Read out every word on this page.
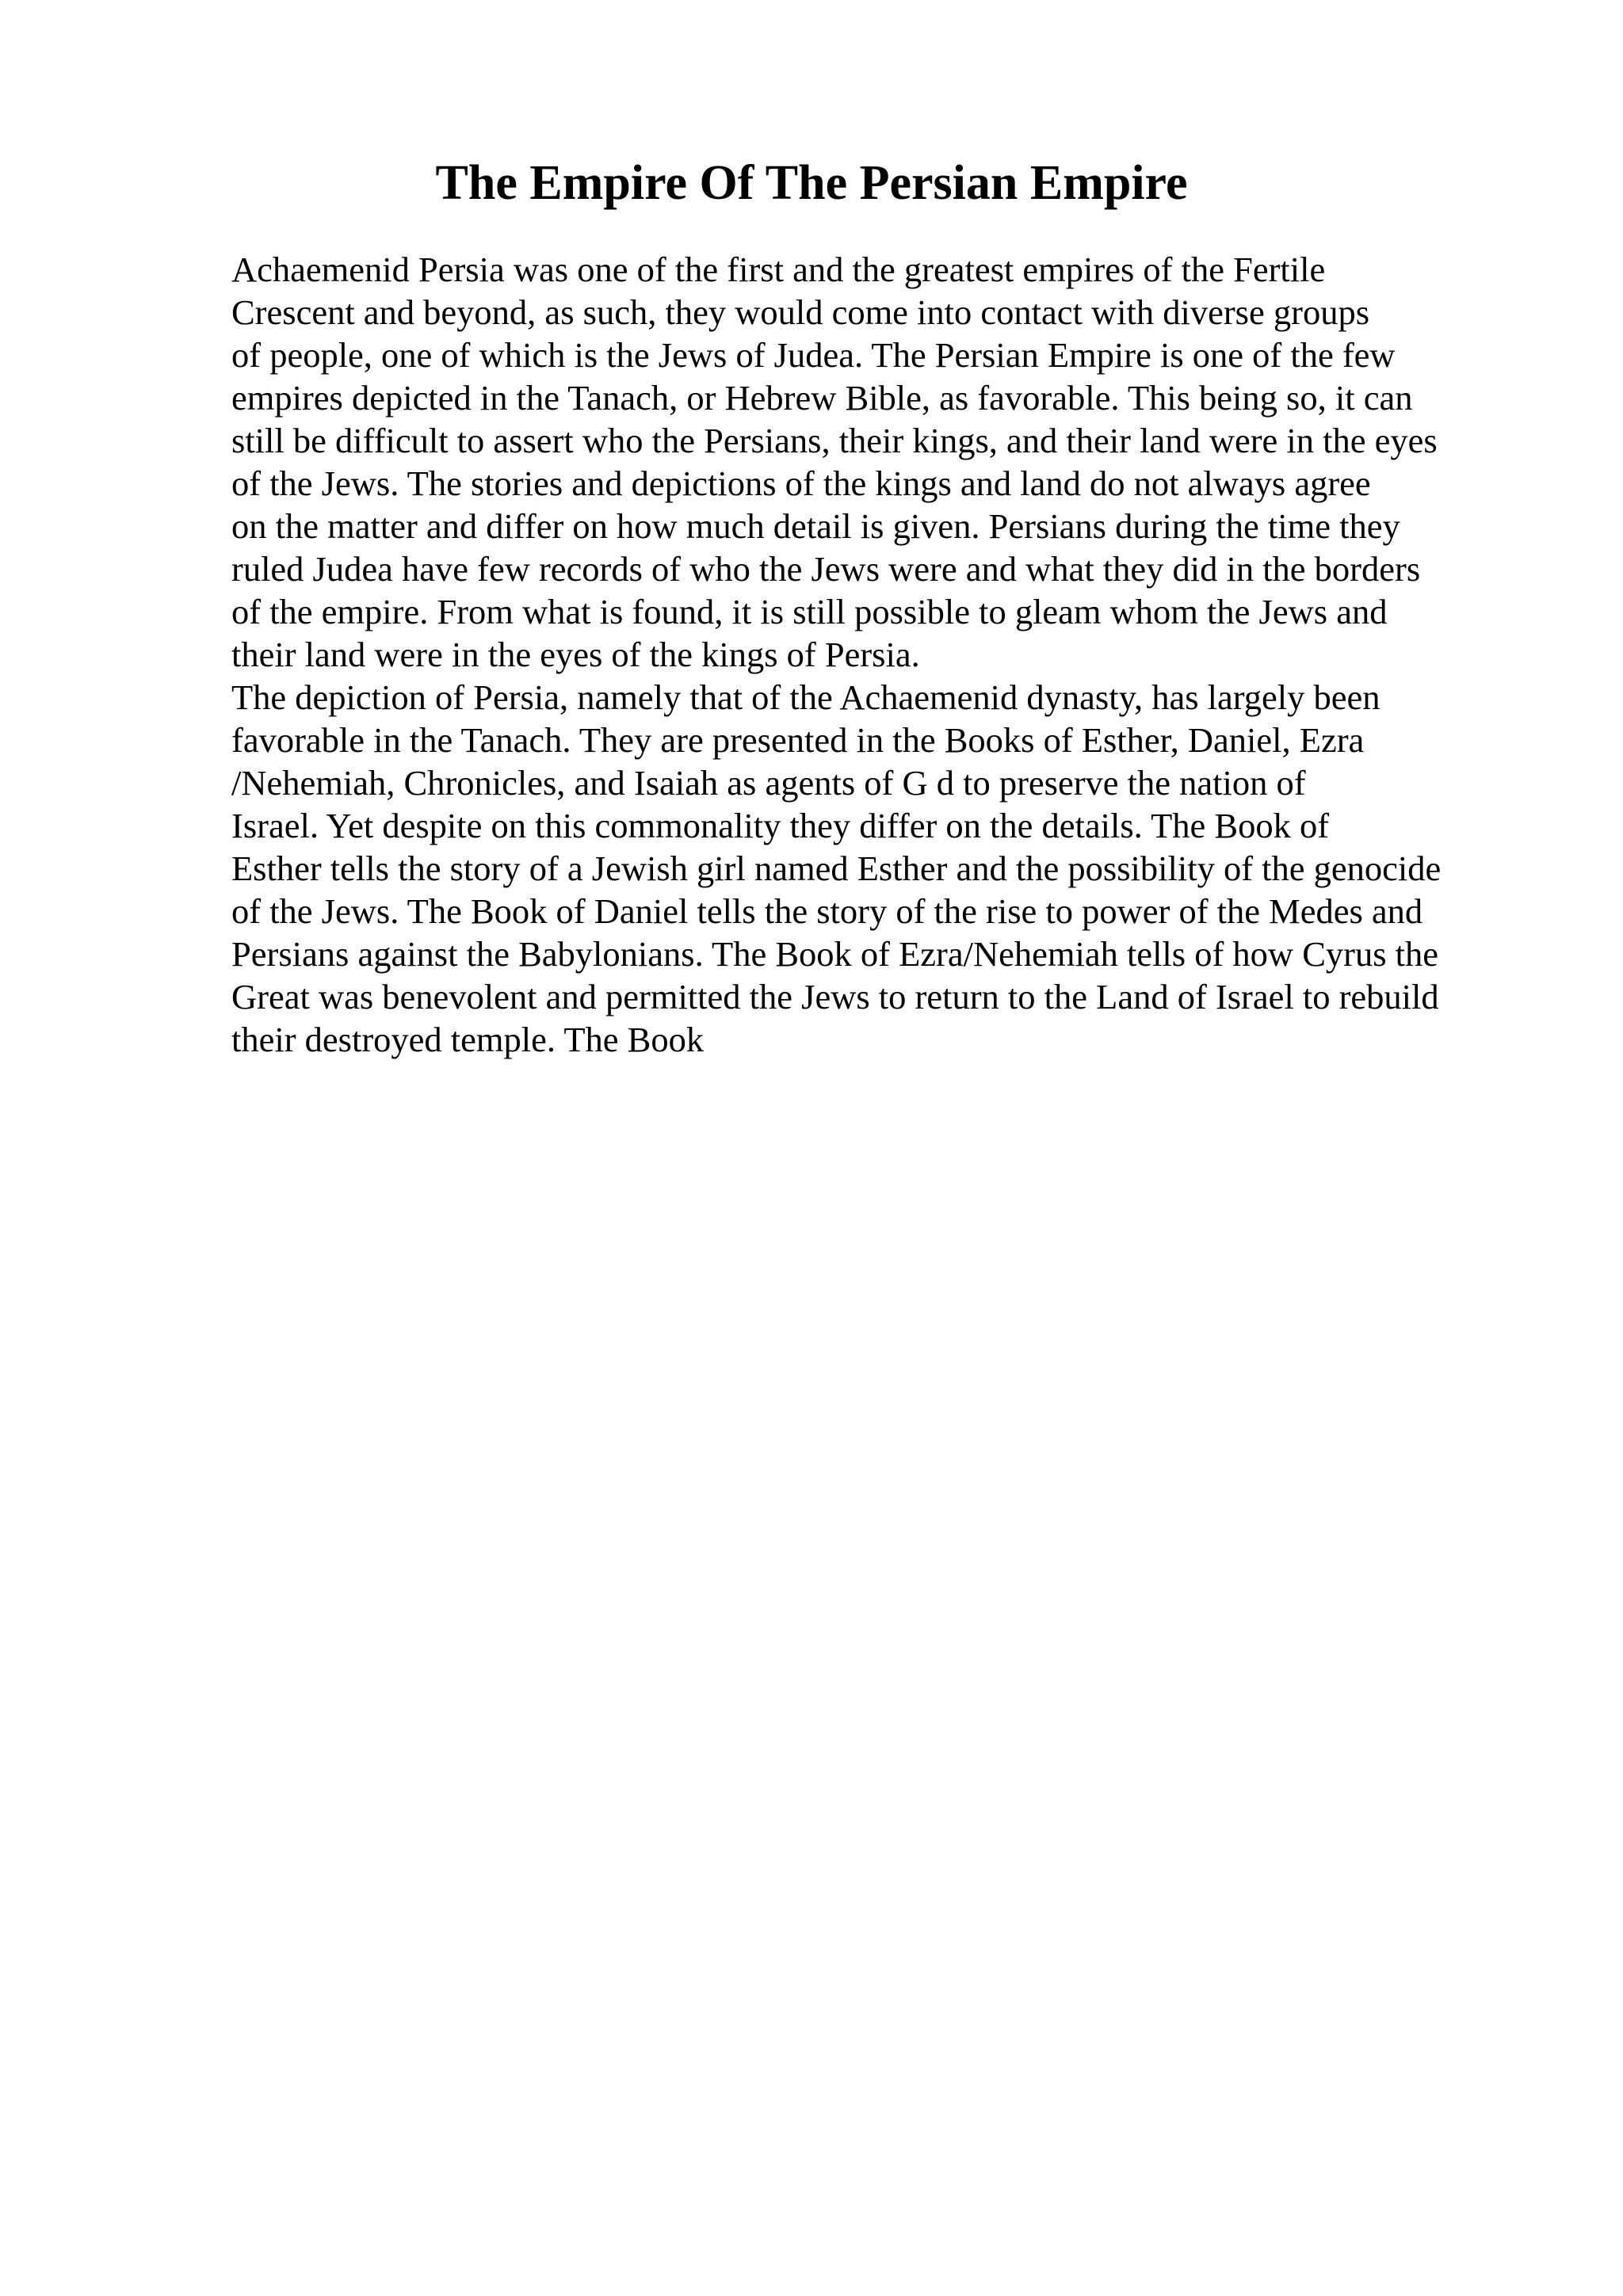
The Empire Of The Persian Empire
Achaemenid Persia was one of the first and the greatest empires of the Fertile
Crescent and beyond, as such, they would come into contact with diverse groups
of people, one of which is the Jews of Judea. The Persian Empire is one of the few
empires depicted in the Tanach, or Hebrew Bible, as favorable. This being so, it can
still be difficult to assert who the Persians, their kings, and their land were in the eyes
of the Jews. The stories and depictions of the kings and land do not always agree
on the matter and differ on how much detail is given. Persians during the time they
ruled Judea have few records of who the Jews were and what they did in the borders
of the empire. From what is found, it is still possible to gleam whom the Jews and
their land were in the eyes of the kings of Persia.
The depiction of Persia, namely that of the Achaemenid dynasty, has largely been
favorable in the Tanach. They are presented in the Books of Esther, Daniel, Ezra
/Nehemiah, Chronicles, and Isaiah as agents of G d to preserve the nation of
Israel. Yet despite on this commonality they differ on the details. The Book of
Esther tells the story of a Jewish girl named Esther and the possibility of the genocide
of the Jews. The Book of Daniel tells the story of the rise to power of the Medes and
Persians against the Babylonians. The Book of Ezra/Nehemiah tells of how Cyrus the
Great was benevolent and permitted the Jews to return to the Land of Israel to rebuild
their destroyed temple. The Book
